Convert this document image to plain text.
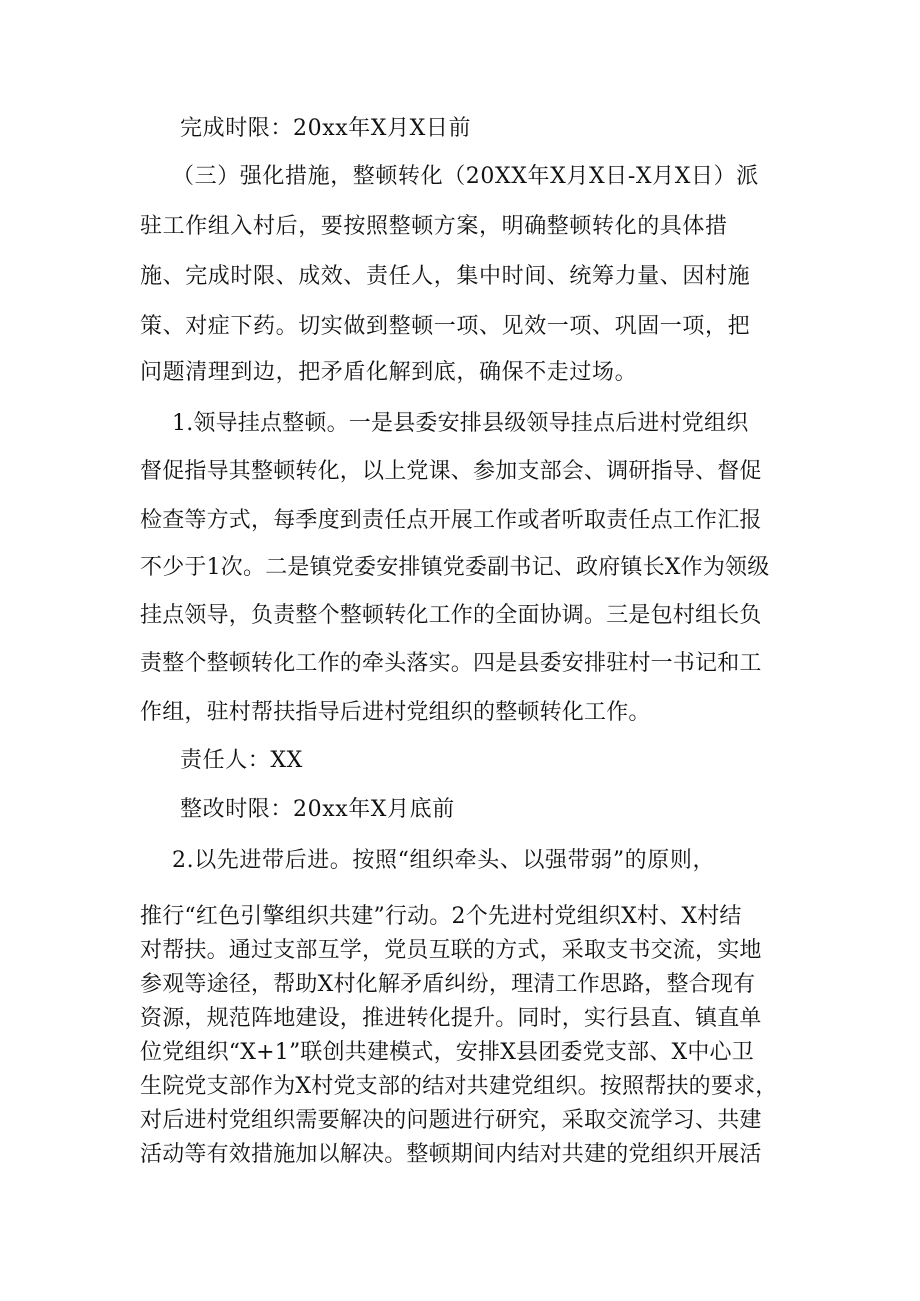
完成时限：20xx年X月X日前
（三）强化措施，整顿转化（20XX年X月X日-X月X日）派
驻工作组入村后，要按照整顿方案，明确整顿转化的具体措
施、完成时限、成效、责任人，集中时间、统筹力量、因村施
策、对症下药。切实做到整顿一项、见效一项、巩固一项，把
问题清理到边，把矛盾化解到底，确保不走过场。
1.领导挂点整顿。一是县委安排县级领导挂点后进村党组织
督促指导其整顿转化，以上党课、参加支部会、调研指导、督促
检查等方式，每季度到责任点开展工作或者听取责任点工作汇报
不少于1次。二是镇党委安排镇党委副书记、政府镇长X作为领级
挂点领导，负责整个整顿转化工作的全面协调。三是包村组长负
责整个整顿转化工作的牵头落实。四是县委安排驻村一书记和工
作组，驻村帮扶指导后进村党组织的整顿转化工作。
责任人：XX
整改时限：20xx年X月底前
2.以先进带后进。按照“组织牵头、以强带弱”的原则，
推行“红色引擎组织共建”行动。2个先进村党组织X村、X村结
对帮扶。通过支部互学，党员互联的方式，采取支书交流，实地
参观等途径，帮助X村化解矛盾纠纷，理清工作思路，整合现有
资源，规范阵地建设，推进转化提升。同时，实行县直、镇直单
位党组织“X+1”联创共建模式，安排X县团委党支部、X中心卫
生院党支部作为X村党支部的结对共建党组织。按照帮扶的要求，
对后进村党组织需要解决的问题进行研究，采取交流学习、共建
活动等有效措施加以解决。整顿期间内结对共建的党组织开展活
